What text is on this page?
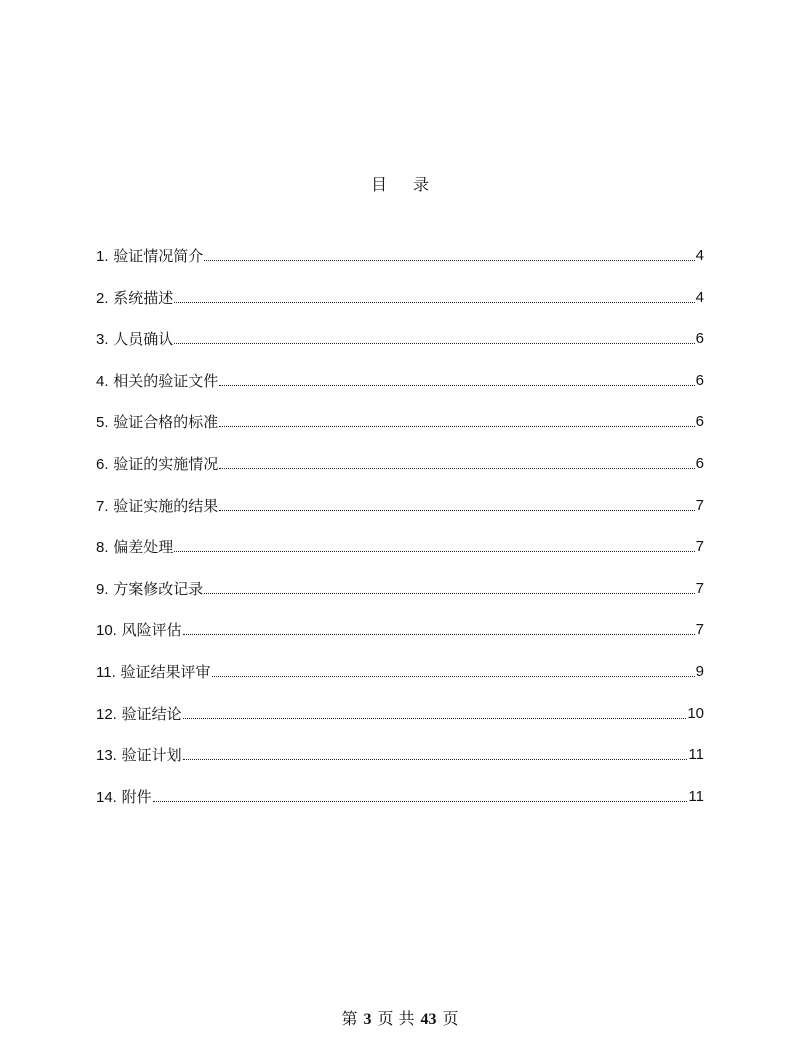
目 录
1. 验证情况简介	4
2. 系统描述	4
3. 人员确认	6
4. 相关的验证文件	6
5. 验证合格的标准	6
6. 验证的实施情况	6
7. 验证实施的结果	7
8. 偏差处理	7
9. 方案修改记录	7
10. 风险评估	7
11. 验证结果评审	9
12. 验证结论	10
13. 验证计划	11
14. 附件	11
第 3 页 共 43 页
